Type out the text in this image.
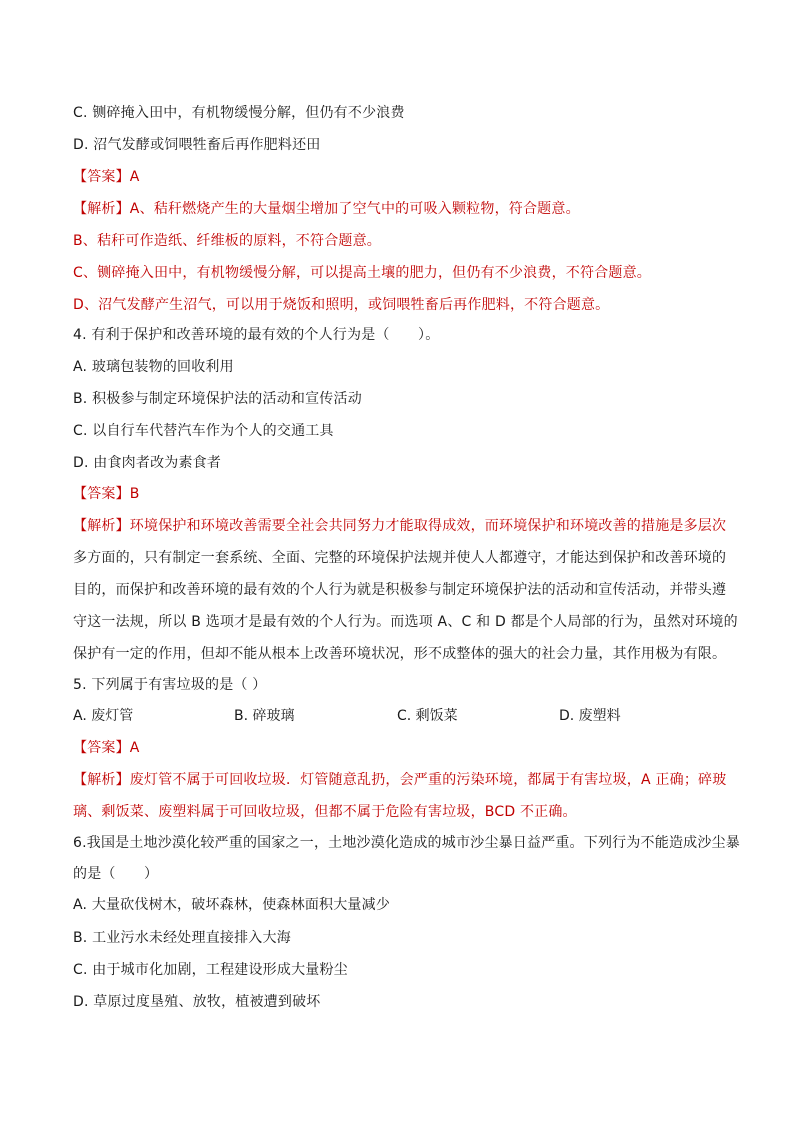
C. 铡碎掩入田中，有机物缓慢分解，但仍有不少浪费
D. 沼气发酵或饲喂牲畜后再作肥料还田
【答案】A
【解析】A、秸秆燃烧产生的大量烟尘增加了空气中的可吸入颗粒物，符合题意。
B、秸秆可作造纸、纤维板的原料，不符合题意。
C、铡碎掩入田中，有机物缓慢分解，可以提高土壤的肥力，但仍有不少浪费，不符合题意。
D、沼气发酵产生沼气，可以用于烧饭和照明，或饲喂牲畜后再作肥料，不符合题意。
4. 有利于保护和改善环境的最有效的个人行为是（　　）。
A. 玻璃包装物的回收利用
B. 积极参与制定环境保护法的活动和宣传活动
C. 以自行车代替汽车作为个人的交通工具
D. 由食肉者改为素食者
【答案】B
【解析】环境保护和环境改善需要全社会共同努力才能取得成效，而环境保护和环境改善的措施是多层次
多方面的，只有制定一套系统、全面、完整的环境保护法规并使人人都遵守，才能达到保护和改善环境的
目的，而保护和改善环境的最有效的个人行为就是积极参与制定环境保护法的活动和宣传活动，并带头遵
守这一法规，所以 B 选项才是最有效的个人行为。而选项 A、C 和 D 都是个人局部的行为，虽然对环境的
保护有一定的作用，但却不能从根本上改善环境状况，形不成整体的强大的社会力量，其作用极为有限。
5. 下列属于有害垃圾的是（ ）
A. 废灯管	B. 碎玻璃	C. 剩饭菜	D. 废塑料
【答案】A
【解析】废灯管不属于可回收垃圾．灯管随意乱扔，会严重的污染环境，都属于有害垃圾，A 正确；碎玻
璃、剩饭菜、废塑料属于可回收垃圾，但都不属于危险有害垃圾，BCD 不正确。
6.我国是土地沙漠化较严重的国家之一，土地沙漠化造成的城市沙尘暴日益严重。下列行为不能造成沙尘暴
的是（　　）
A. 大量砍伐树木，破坏森林，使森林面积大量减少
B. 工业污水未经处理直接排入大海
C. 由于城市化加剧，工程建设形成大量粉尘
D. 草原过度垦殖、放牧，植被遭到破坏
